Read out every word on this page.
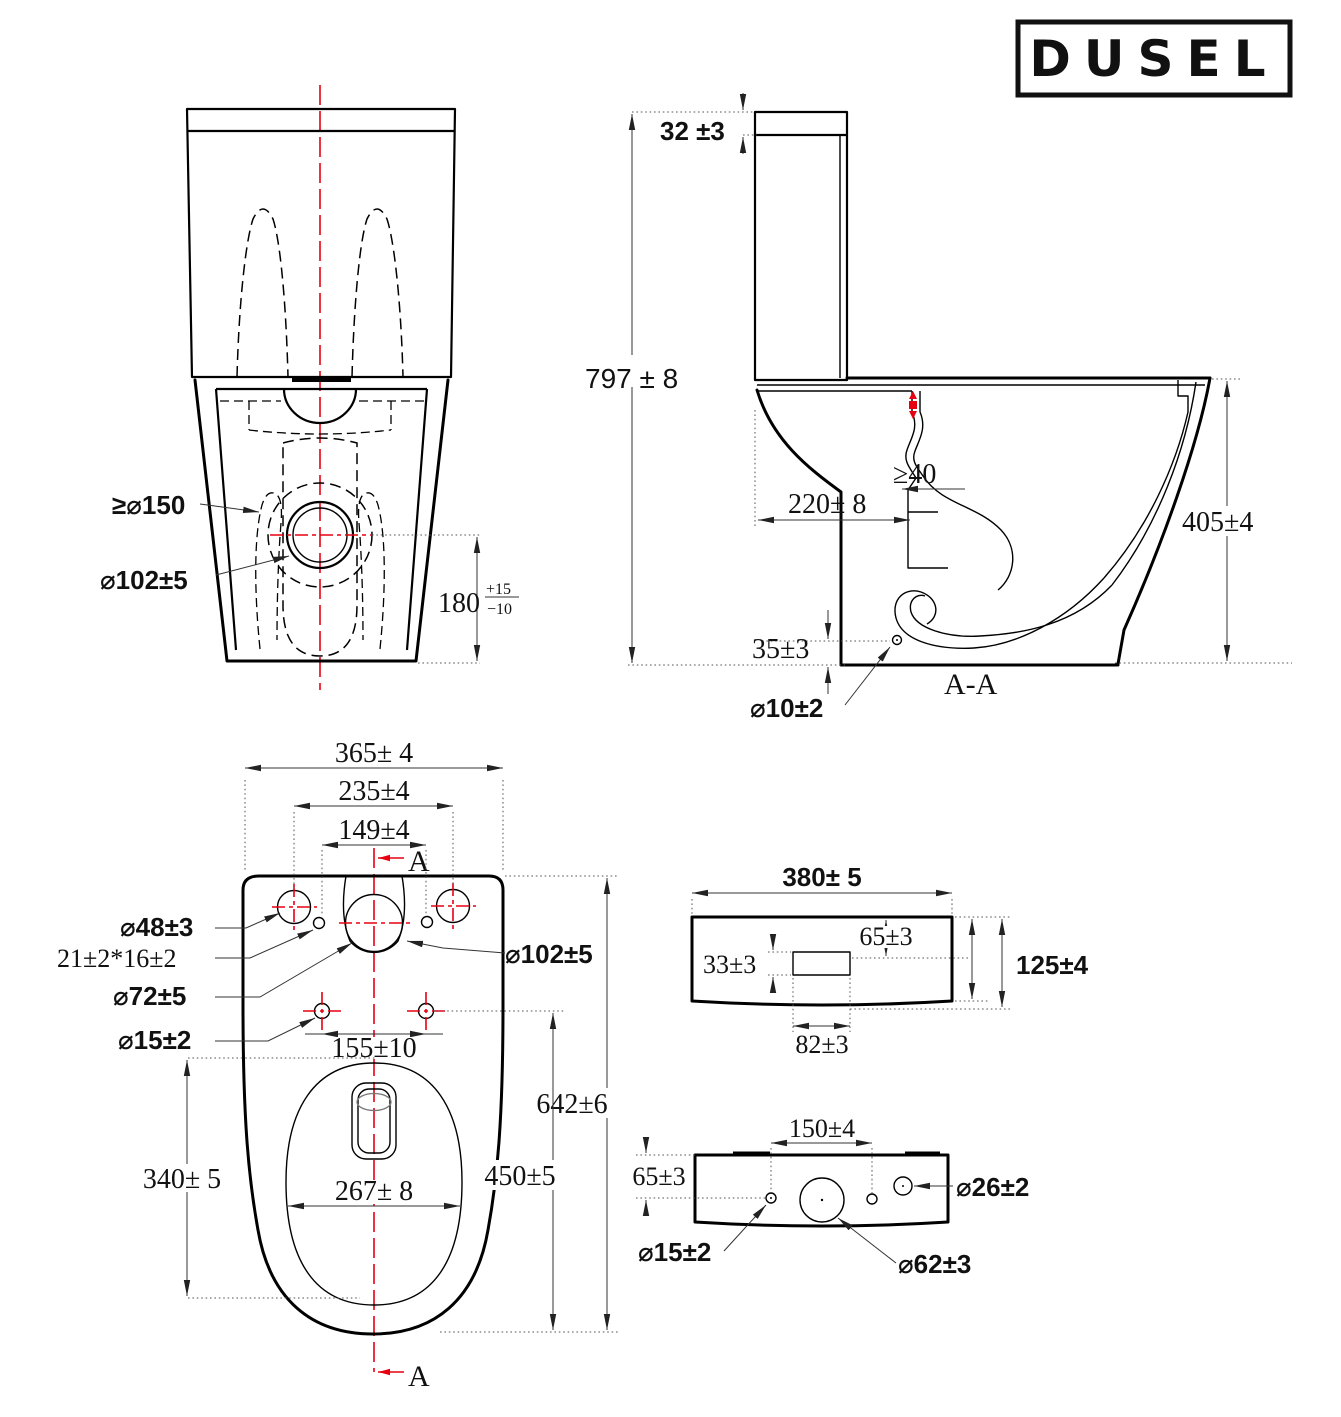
DUSEL
≥⌀150
⌀102±5
180 +15
−10
797 ± 8
32 ±3
≥40
220± 8
405±4
35±3
⌀10±2
A-A
A
A
365± 4
235±4
149±4
⌀48±3
21±2*16±2
⌀72±5
⌀15±2
⌀102±5
155±10
642±6
450±5
340± 5	267± 8
380± 5
125±4
65±3
33±3
82±3
150±4
65±3	⌀26±2
⌀15±2	⌀62±3
